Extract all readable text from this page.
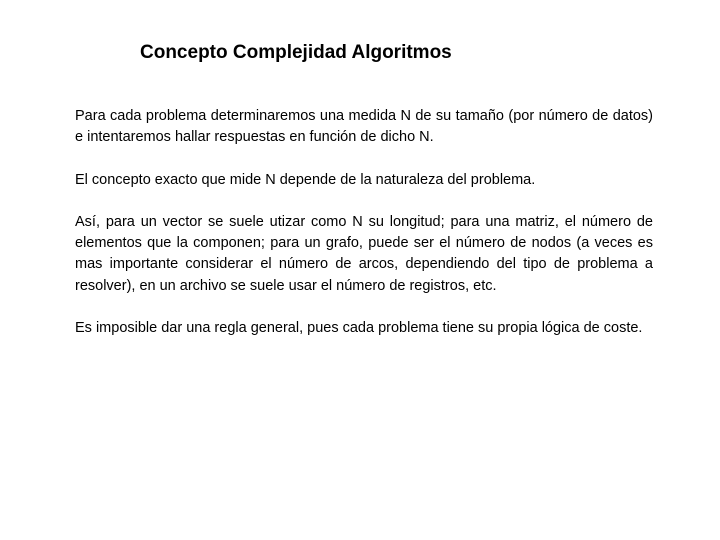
Concepto Complejidad Algoritmos

Para cada problema determinaremos una medida N de su tamaño (por número de datos) e intentaremos hallar respuestas en función de dicho N.

El concepto exacto que mide N depende de la naturaleza del problema.

Así, para un vector se suele utizar como N su longitud; para una matriz, el número de elementos que la componen; para un grafo, puede ser el número de nodos (a veces es mas importante considerar el número de arcos, dependiendo del tipo de problema a resolver), en un archivo se suele usar el número de registros, etc.

Es imposible dar una regla general, pues cada problema tiene su propia lógica de coste.
